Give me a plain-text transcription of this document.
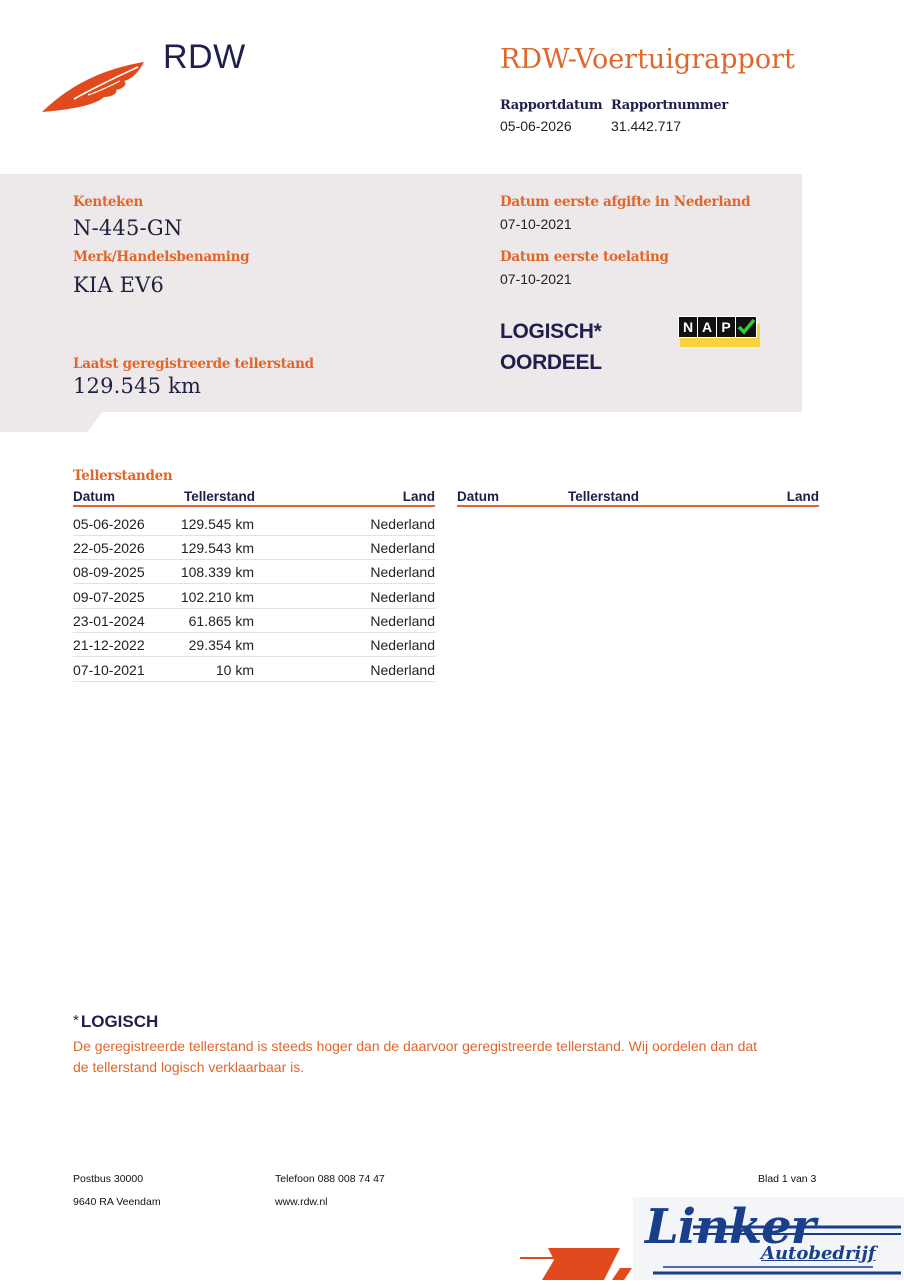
RDW	RDW-Voertuigrapport
Rapportdatum
05-06-2026
Rapportnummer
31.442.717
Kenteken
N-445-GN
Merk/Handelsbenaming
KIA EV6
Laatst geregistreerde tellerstand
129.545 km
Datum eerste afgifte in Nederland
07-10-2021
Datum eerste toelating
07-10-2021
LOGISCH*
OORDEEL
N A P
Tellerstanden
Datum	Tellerstand	Land Datum	Tellerstand	Land
05-06-2026	129.545 km	Nederland
22-05-2026	129.543 km	Nederland
08-09-2025	108.339 km	Nederland
09-07-2025	102.210 km	Nederland
23-01-2024	61.865 km	Nederland
21-12-2022	29.354 km	Nederland
07-10-2021	10 km	Nederland
* LOGISCH
De geregistreerde tellerstand is steeds hoger dan de daarvoor geregistreerde tellerstand. Wij oordelen dan dat de tellerstand logisch verklaarbaar is.
Postbus 30000
9640 RA Veendam
Telefoon 088 008 74 47
www.rdw.nl
Blad 1 van 3
Linker
Autobedrijf
